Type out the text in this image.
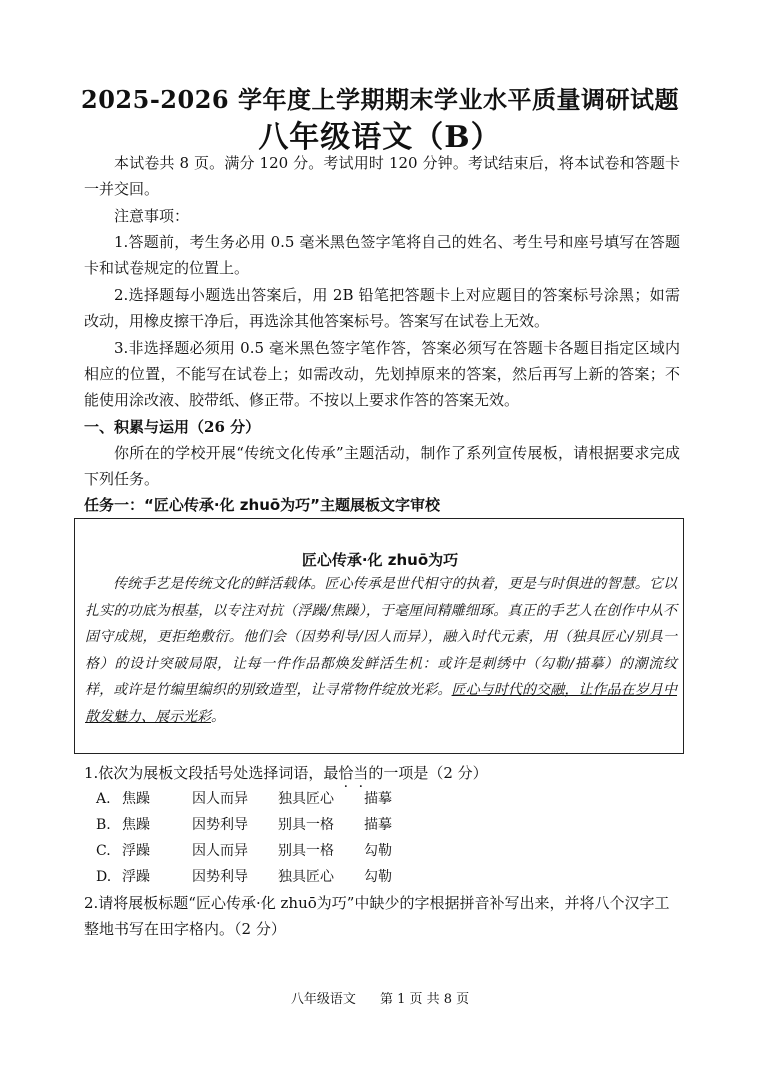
2025-2026 学年度上学期期末学业水平质量调研试题
八年级语文（B）

本试卷共 8 页。满分 120 分。考试用时 120 分钟。考试结束后，将本试卷和答题卡一并交回。

注意事项：

1.答题前，考生务必用 0.5 毫米黑色签字笔将自己的姓名、考生号和座号填写在答题卡和试卷规定的位置上。

2.选择题每小题选出答案后，用 2B 铅笔把答题卡上对应题目的答案标号涂黑；如需改动，用橡皮擦干净后，再选涂其他答案标号。答案写在试卷上无效。

3.非选择题必须用 0.5 毫米黑色签字笔作答，答案必须写在答题卡各题目指定区域内相应的位置，不能写在试卷上；如需改动，先划掉原来的答案，然后再写上新的答案；不能使用涂改液、胶带纸、修正带。不按以上要求作答的答案无效。

一、积累与运用（26 分）

你所在的学校开展“传统文化传承”主题活动，制作了系列宣传展板，请根据要求完成下列任务。

任务一：“匠心传承·化 zhuō为巧”主题展板文字审校

匠心传承·化 zhuō为巧

传统手艺是传统文化的鲜活载体。匠心传承是世代相守的执着，更是与时俱进的智慧。它以扎实的功底为根基，以专注对抗（浮躁/焦躁），于毫厘间精雕细琢。真正的手艺人在创作中从不固守成规，更拒绝敷衍。他们会（因势利导/因人而异），融入时代元素，用（独具匠心/别具一格）的设计突破局限，让每一件作品都焕发鲜活生机：或许是刺绣中（勾勒/描摹）的潮流纹样，或许是竹编里编织的别致造型，让寻常物件绽放光彩。匠心与时代的交融，让作品在岁月中散发魅力、展示光彩。

1.依次为展板文段括号处选择词语，最恰当的一项是（2 分）

A. 焦躁	因人而异	独具匠心	描摹
B. 焦躁	因势利导	别具一格	描摹
C. 浮躁	因人而异	别具一格	勾勒
D. 浮躁	因势利导	独具匠心	勾勒

2.请将展板标题“匠心传承·化 zhuō为巧”中缺少的字根据拼音补写出来，并将八个汉字工整地书写在田字格内。（2 分）

八年级语文 第 1 页 共 8 页
